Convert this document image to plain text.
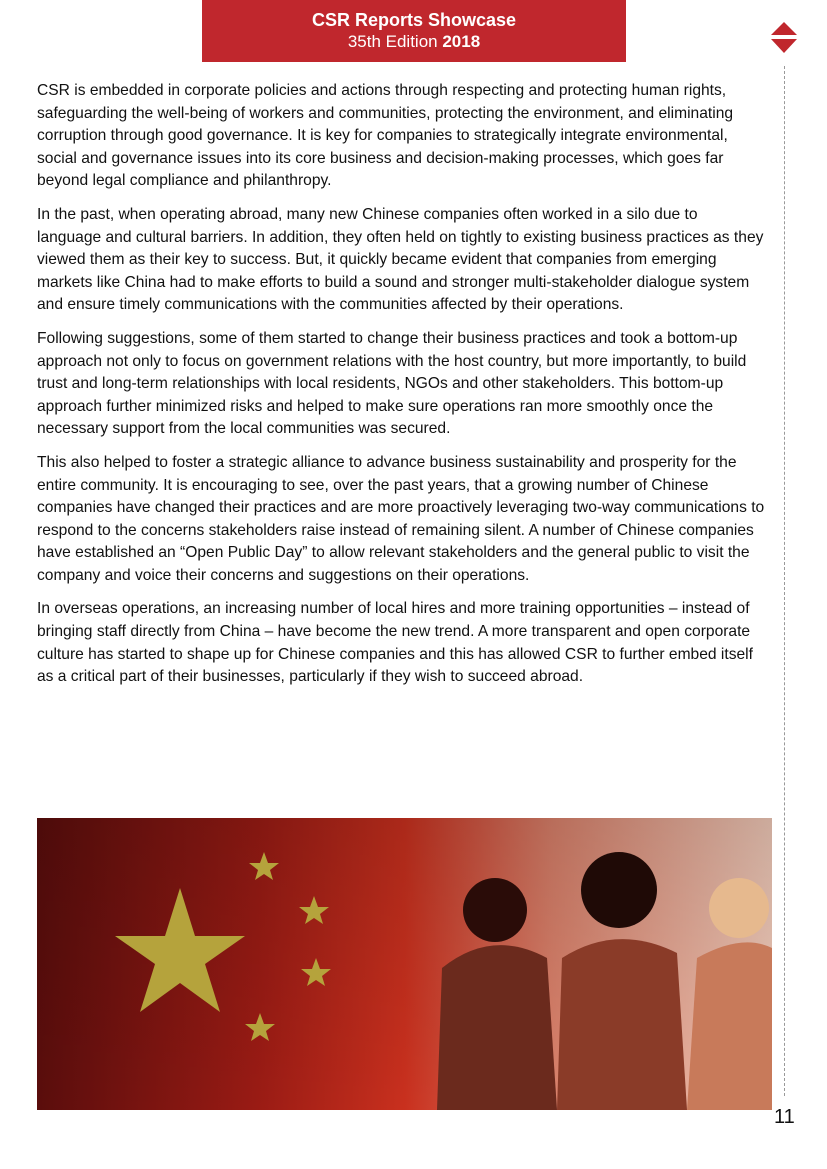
CSR Reports Showcase
35th Edition 2018

CSR is embedded in corporate policies and actions through respecting and protecting human rights, safeguarding the well-being of workers and communities, protecting the environment, and eliminating corruption through good governance. It is key for companies to strategically integrate environmental, social and governance issues into its core business and decision-making processes, which goes far beyond legal compliance and philanthropy.

In the past, when operating abroad, many new Chinese companies often worked in a silo due to language and cultural barriers. In addition, they often held on tightly to existing business practices as they viewed them as their key to success. But, it quickly became evident that companies from emerging markets like China had to make efforts to build a sound and stronger multi-stakeholder dialogue system and ensure timely communications with the communities affected by their operations.

Following suggestions, some of them started to change their business practices and took a bottom-up approach not only to focus on government relations with the host country, but more importantly, to build trust and long-term relationships with local residents, NGOs and other stakeholders. This bottom-up approach further minimized risks and helped to make sure operations ran more smoothly once the necessary support from the local communities was secured.

This also helped to foster a strategic alliance to advance business sustainability and prosperity for the entire community. It is encouraging to see, over the past years, that a growing number of Chinese companies have changed their practices and are more proactively leveraging two-way communications to respond to the concerns stakeholders raise instead of remaining silent. A number of Chinese companies have established an “Open Public Day” to allow relevant stakeholders and the general public to visit the company and voice their concerns and suggestions on their operations.

In overseas operations, an increasing number of local hires and more training opportunities – instead of bringing staff directly from China – have become the new trend. A more transparent and open corporate culture has started to shape up for Chinese companies and this has allowed CSR to further embed itself as a critical part of their businesses, particularly if they wish to succeed abroad.

11
